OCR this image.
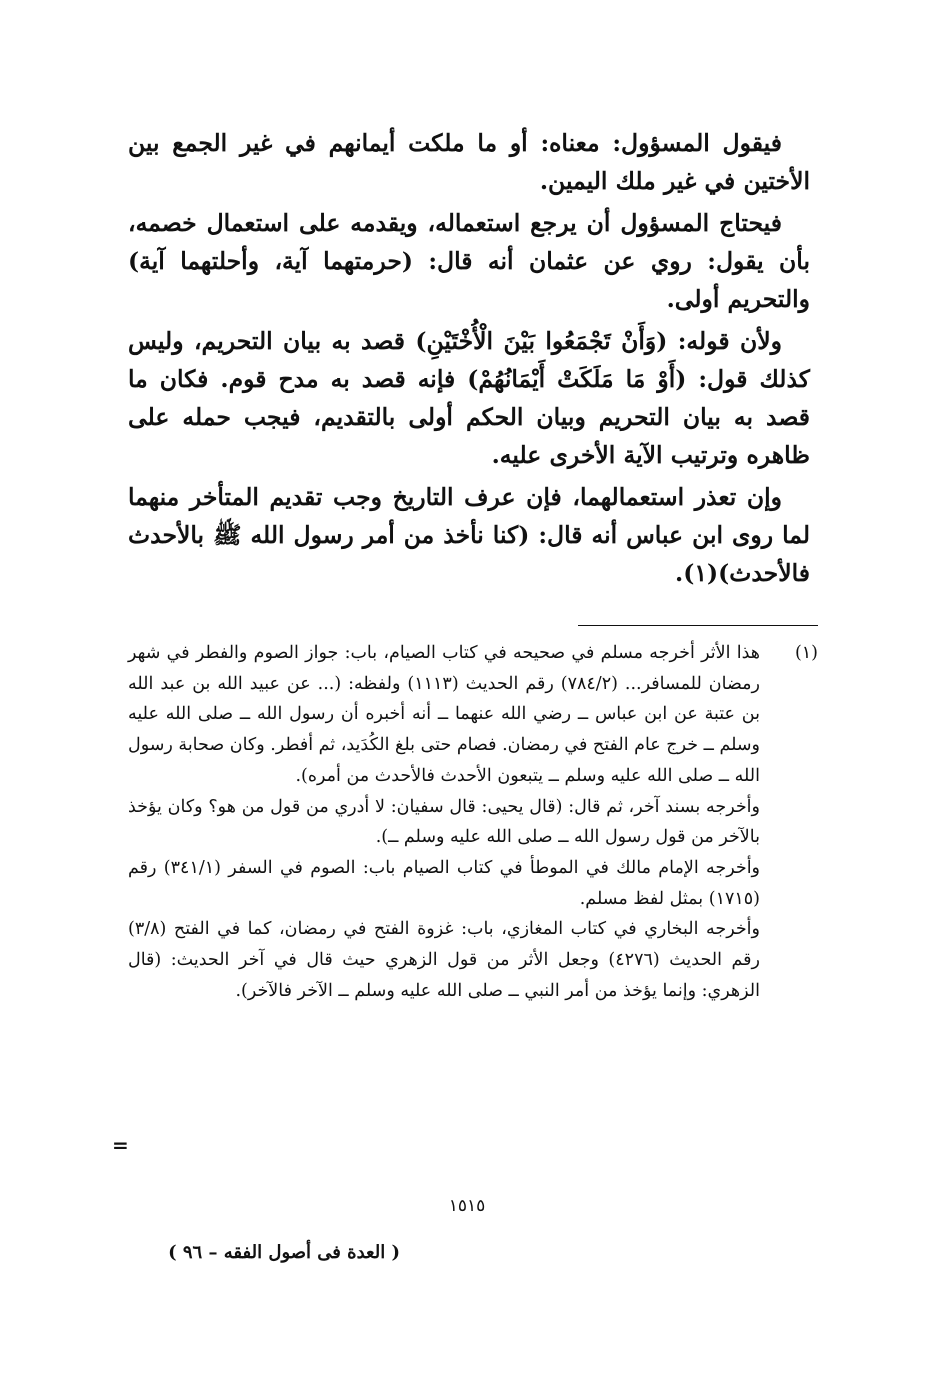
فيقول المسؤول: معناه: أو ما ملكت أيمانهم في غير الجمع بين الأختين في غير ملك اليمين.

فيحتاج المسؤول أن يرجع استعماله، ويقدمه على استعمال خصمه، بأن يقول: روي عن عثمان أنه قال: (حرمتهما آية، وأحلتهما آية) والتحريم أولى.

ولأن قوله: (وَأَنْ تَجْمَعُوا بَيْنَ الْأُخْتَيْنِ) قصد به بيان التحريم، وليس كذلك قول: (أَوْ مَا مَلَكَتْ أَيْمَانُهُمْ) فإنه قصد به مدح قوم. فكان ما قصد به بيان التحريم وبيان الحكم أولى بالتقديم، فيجب حمله على ظاهره وترتيب الآية الأخرى عليه.

وإن تعذر استعمالهما، فإن عرف التاريخ وجب تقديم المتأخر منهما لما روى ابن عباس أنه قال: (كنا نأخذ من أمر رسول الله ﷺ بالأحدث فالأحدث)(١).

(١)

هذا الأثر أخرجه مسلم في صحيحه في كتاب الصيام، باب: جواز الصوم والفطر في شهر رمضان للمسافر... (٧٨٤/٢) رقم الحديث (١١١٣) ولفظه: (... عن عبيد الله بن عبد الله بن عتبة عن ابن عباس ــ رضي الله عنهما ــ أنه أخبره أن رسول الله ــ صلى الله عليه وسلم ــ خرج عام الفتح في رمضان. فصام حتى بلغ الكُدَيد، ثم أفطر. وكان صحابة رسول الله ــ صلى الله عليه وسلم ــ يتبعون الأحدث فالأحدث من أمره).

وأخرجه بسند آخر، ثم قال: (قال يحيى: قال سفيان: لا أدري من قول من هو؟ وكان يؤخذ بالآخر من قول رسول الله ــ صلى الله عليه وسلم ــ).

وأخرجه الإمام مالك في الموطأ في كتاب الصيام باب: الصوم في السفر (٣٤١/١) رقم (١٧١٥) بمثل لفظ مسلم.

وأخرجه البخاري في كتاب المغازي، باب: غزوة الفتح في رمضان، كما في الفتح (٣/٨) رقم الحديث (٤٢٧٦) وجعل الأثر من قول الزهري حيث قال في آخر الحديث: (قال الزهري: وإنما يؤخذ من أمر النبي ــ صلى الله عليه وسلم ــ الآخر فالآخر).

=
١٥١٥
( العدة فى أصول الفقه – ٩٦ )
